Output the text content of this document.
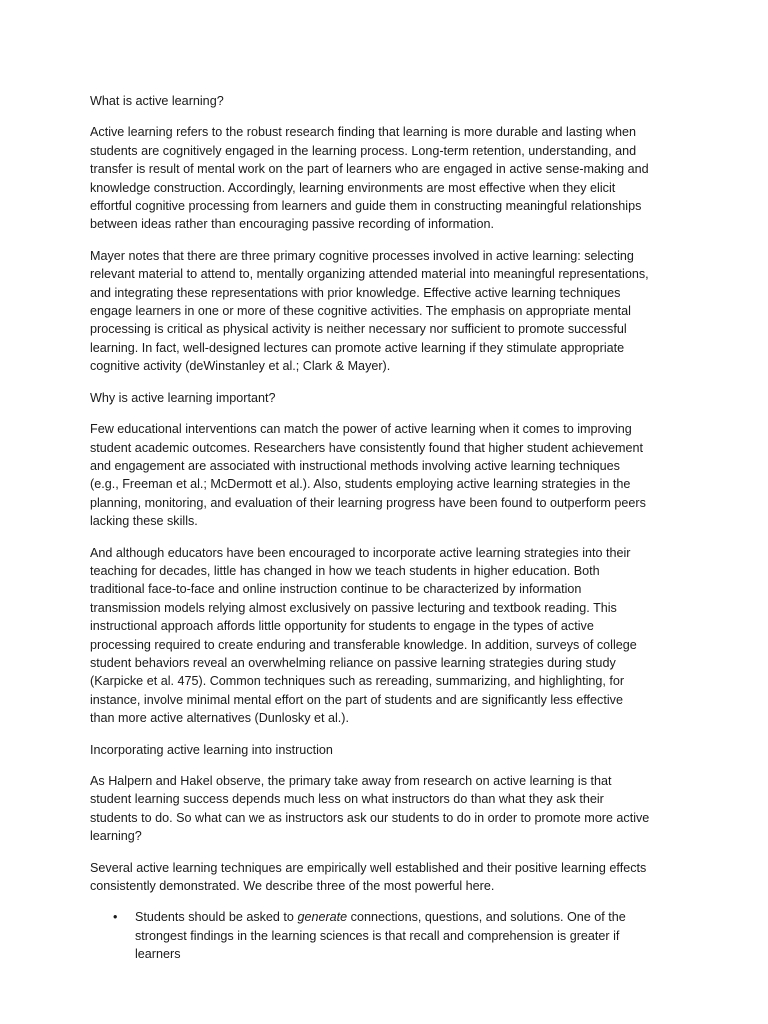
What is active learning?

Active learning refers to the robust research finding that learning is more durable and lasting when students are cognitively engaged in the learning process. Long-term retention, understanding, and transfer is result of mental work on the part of learners who are engaged in active sense-making and knowledge construction. Accordingly, learning environments are most effective when they elicit effortful cognitive processing from learners and guide them in constructing meaningful relationships between ideas rather than encouraging passive recording of information.

Mayer notes that there are three primary cognitive processes involved in active learning: selecting relevant material to attend to, mentally organizing attended material into meaningful representations, and integrating these representations with prior knowledge. Effective active learning techniques engage learners in one or more of these cognitive activities. The emphasis on appropriate mental processing is critical as physical activity is neither necessary nor sufficient to promote successful learning. In fact, well-designed lectures can promote active learning if they stimulate appropriate cognitive activity (deWinstanley et al.; Clark & Mayer).

Why is active learning important?

Few educational interventions can match the power of active learning when it comes to improving student academic outcomes. Researchers have consistently found that higher student achievement and engagement are associated with instructional methods involving active learning techniques (e.g., Freeman et al.; McDermott et al.). Also, students employing active learning strategies in the planning, monitoring, and evaluation of their learning progress have been found to outperform peers lacking these skills.

And although educators have been encouraged to incorporate active learning strategies into their teaching for decades, little has changed in how we teach students in higher education. Both traditional face-to-face and online instruction continue to be characterized by information transmission models relying almost exclusively on passive lecturing and textbook reading. This instructional approach affords little opportunity for students to engage in the types of active processing required to create enduring and transferable knowledge. In addition, surveys of college student behaviors reveal an overwhelming reliance on passive learning strategies during study (Karpicke et al. 475). Common techniques such as rereading, summarizing, and highlighting, for instance, involve minimal mental effort on the part of students and are significantly less effective than more active alternatives (Dunlosky et al.).

Incorporating active learning into instruction

As Halpern and Hakel observe, the primary take away from research on active learning is that student learning success depends much less on what instructors do than what they ask their students to do. So what can we as instructors ask our students to do in order to promote more active learning?

Several active learning techniques are empirically well established and their positive learning effects consistently demonstrated. We describe three of the most powerful here.

• Students should be asked to generate connections, questions, and solutions. One of the strongest findings in the learning sciences is that recall and comprehension is greater if learners
